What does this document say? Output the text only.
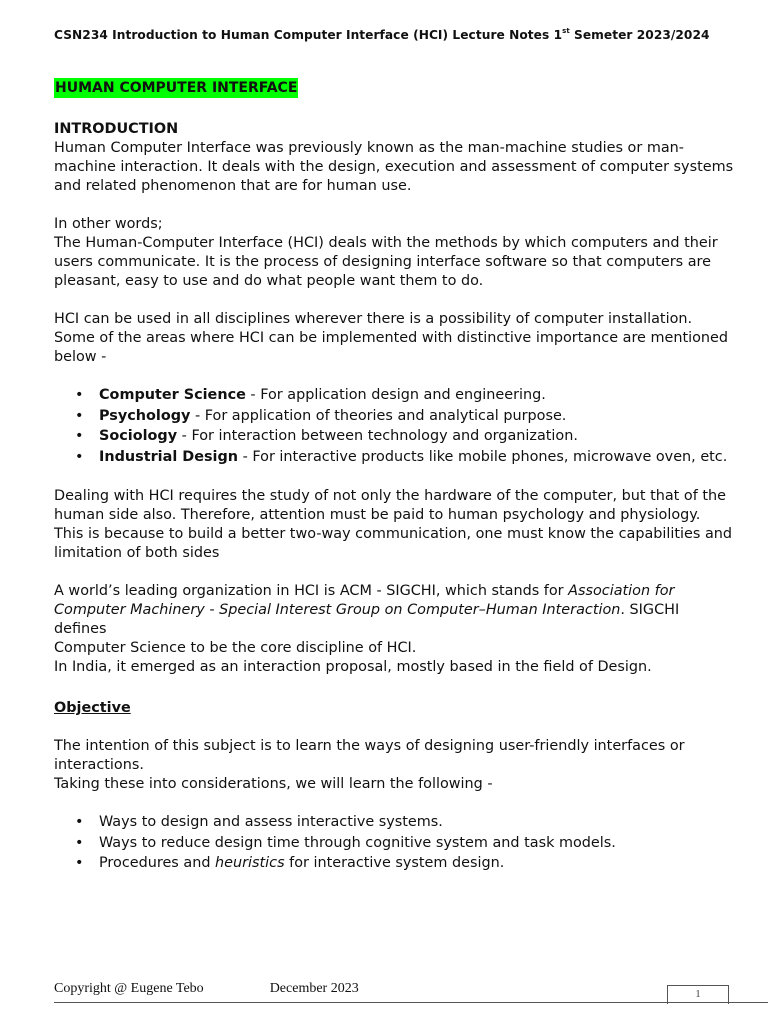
CSN234 Introduction to Human Computer Interface (HCI) Lecture Notes 1st Semeter 2023/2024
HUMAN COMPUTER INTERFACE
INTRODUCTION

Human Computer Interface was previously known as the man-machine studies or man-machine interaction. It deals with the design, execution and assessment of computer systems and related phenomenon that are for human use.

In other words;

The Human-Computer Interface (HCI) deals with the methods by which computers and their users communicate. It is the process of designing interface software so that computers are pleasant, easy to use and do what people want them to do.

HCI can be used in all disciplines wherever there is a possibility of computer installation. Some of the areas where HCI can be implemented with distinctive importance are mentioned below -

• Computer Science - For application design and engineering.
• Psychology - For application of theories and analytical purpose.
• Sociology - For interaction between technology and organization.
• Industrial Design - For interactive products like mobile phones, microwave oven, etc.

Dealing with HCI requires the study of not only the hardware of the computer, but that of the human side also. Therefore, attention must be paid to human psychology and physiology.

This is because to build a better two-way communication, one must know the capabilities and limitation of both sides

A world’s leading organization in HCI is ACM - SIGCHI, which stands for Association for Computer Machinery - Special Interest Group on Computer–Human Interaction. SIGCHI defines

Computer Science to be the core discipline of HCI.

In India, it emerged as an interaction proposal, mostly based in the field of Design.

Objective

The intention of this subject is to learn the ways of designing user-friendly interfaces or interactions.

Taking these into considerations, we will learn the following -

• Ways to design and assess interactive systems.
• Ways to reduce design time through cognitive system and task models.
• Procedures and heuristics for interactive system design.
Copyright @ Eugene Tebo	December 2023	1
